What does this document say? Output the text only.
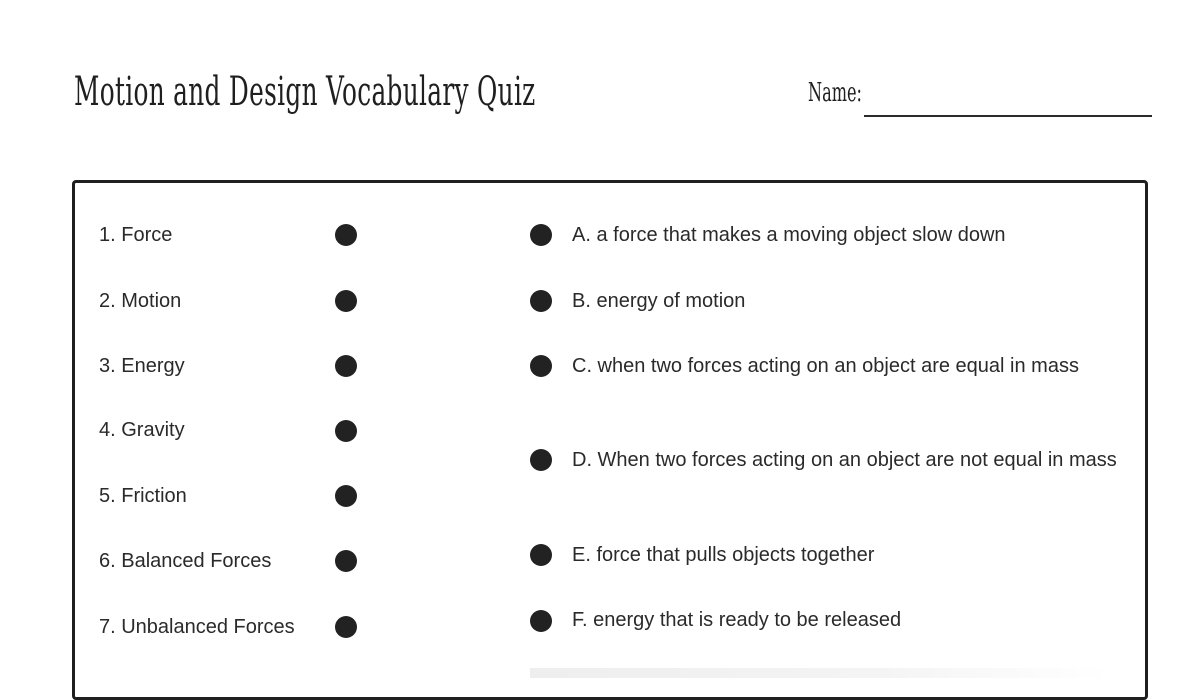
Motion and Design Vocabulary Quiz	Name:
1. Force
2. Motion
3. Energy
4. Gravity
5. Friction
6. Balanced Forces
7. Unbalanced Forces
A. a force that makes a moving object slow down
B. energy of motion
C. when two forces acting on an object are equal in mass
D. When two forces acting on an object are not equal in mass
E. force that pulls objects together
F. energy that is ready to be released
